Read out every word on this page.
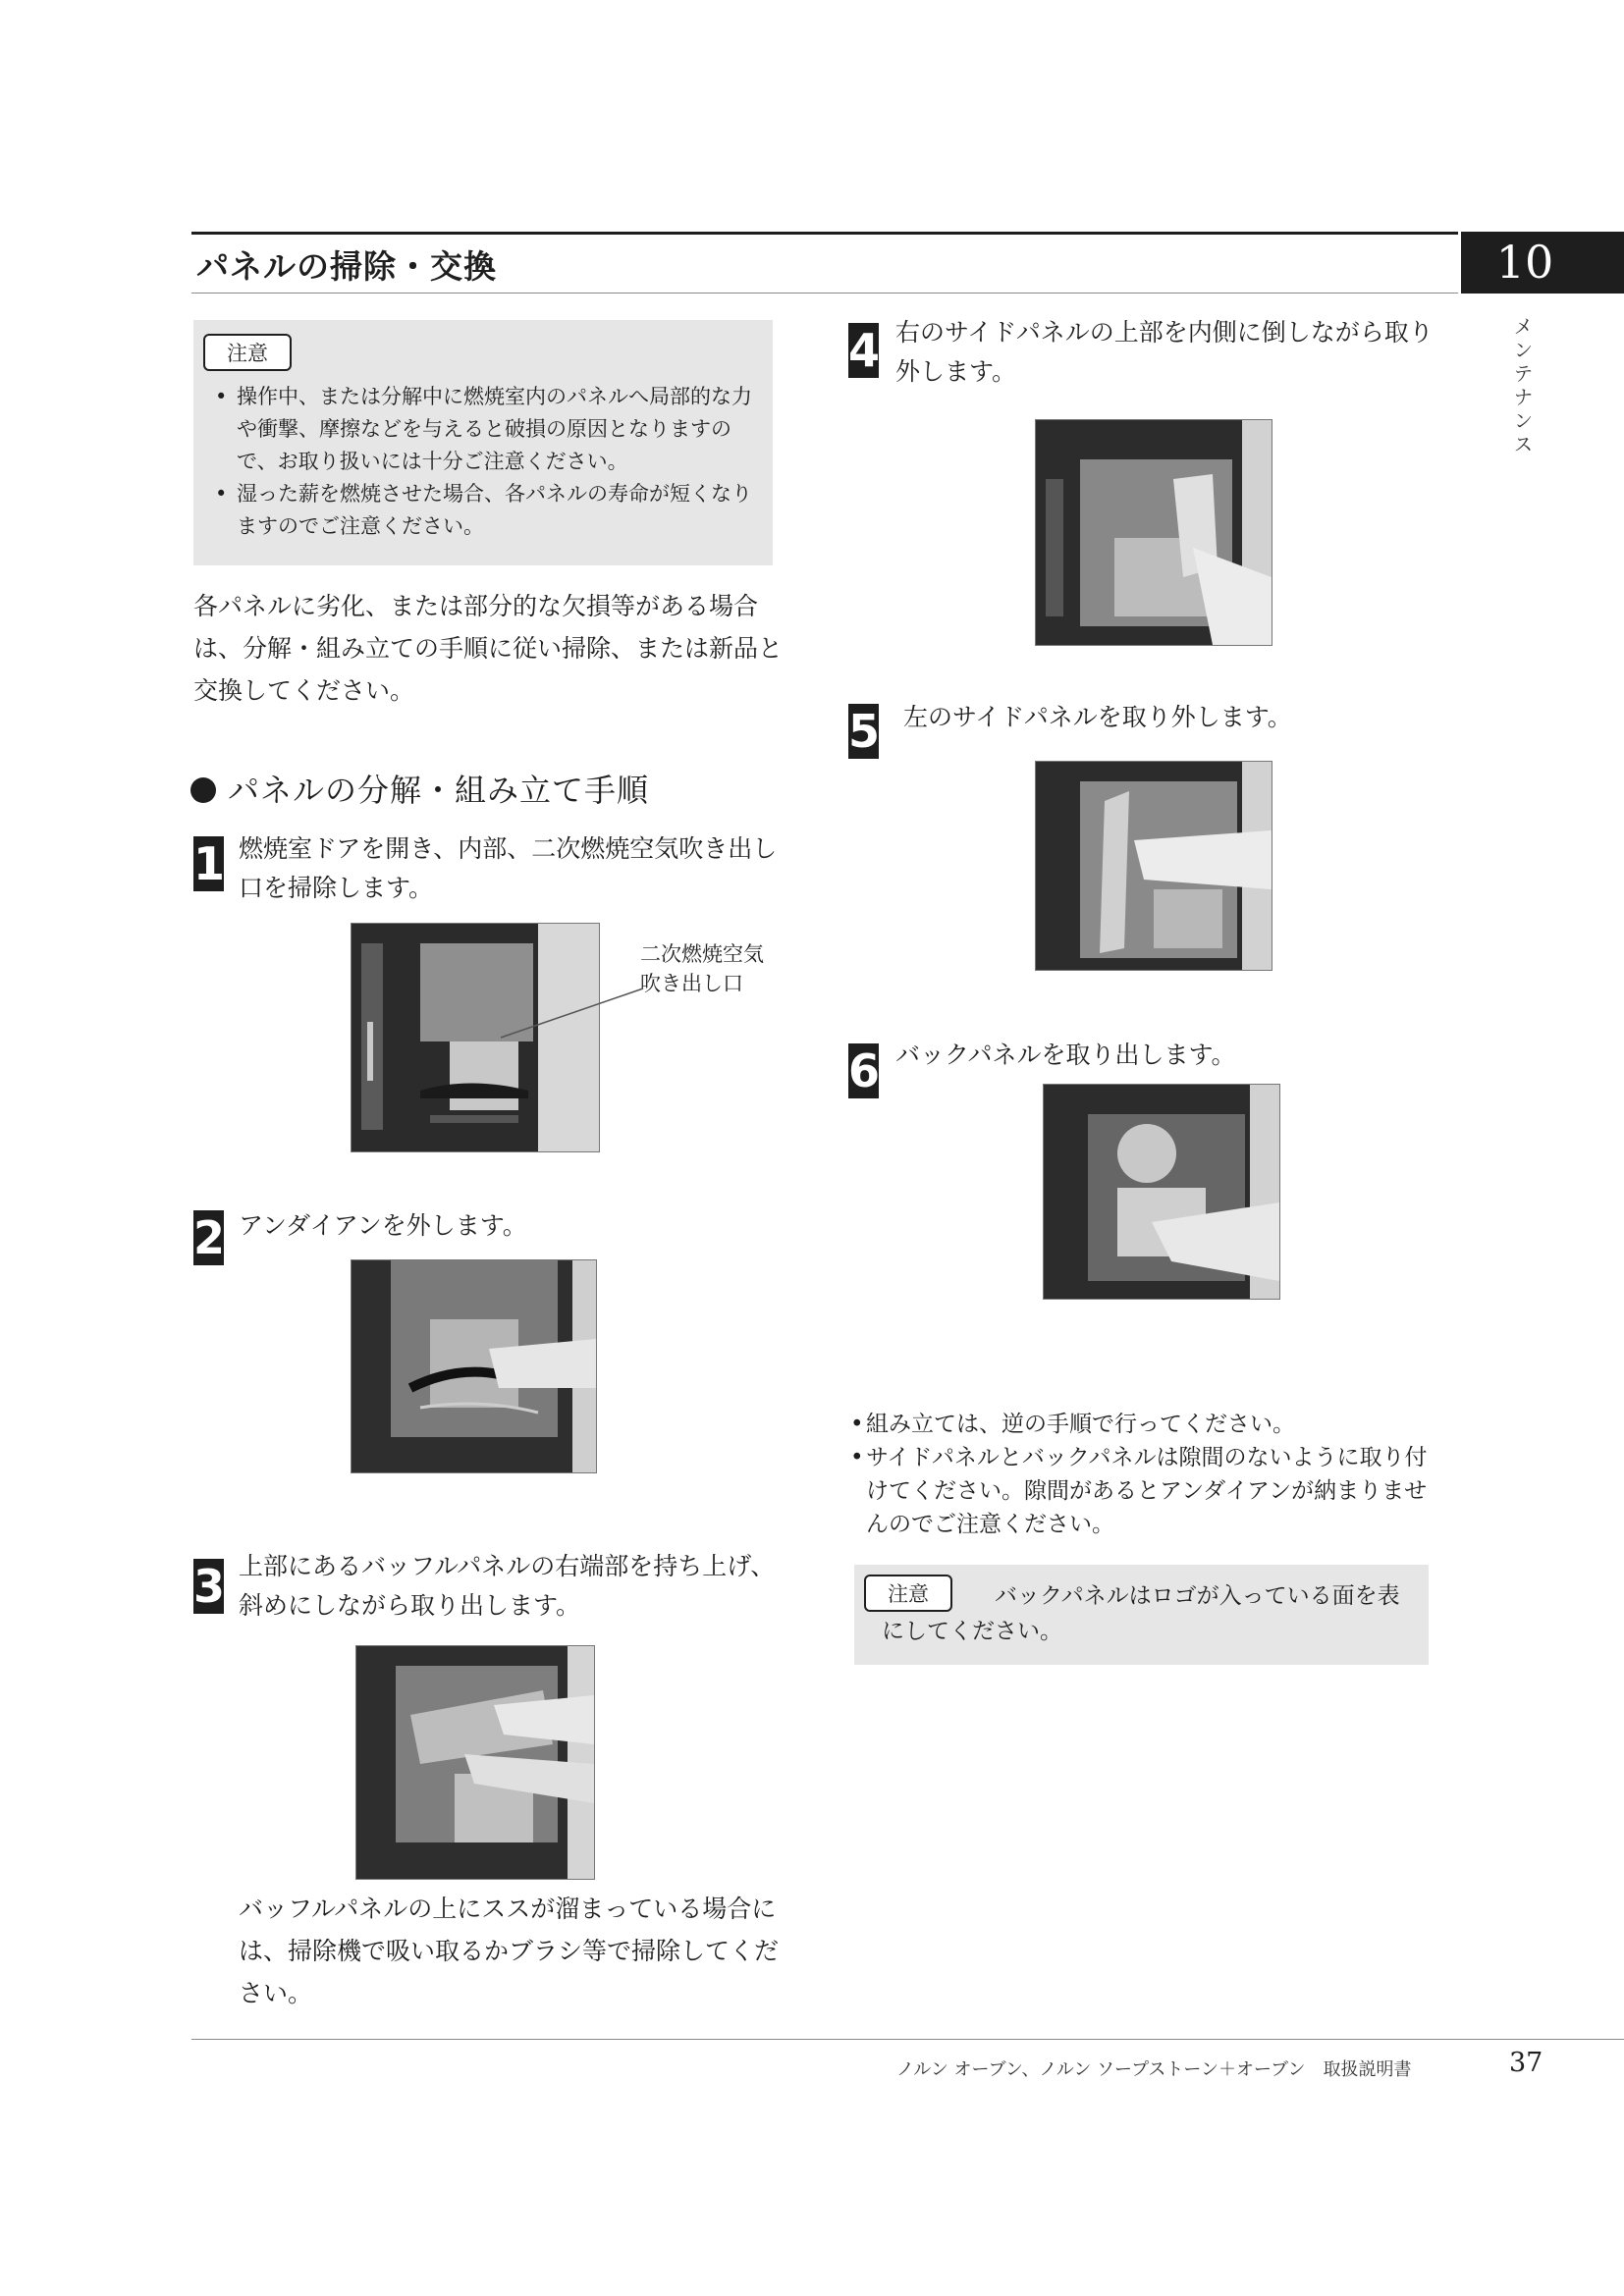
パネルの掃除・交換	10
メンテナンス
注意
• 操作中、または分解中に燃焼室内のパネルへ局部的な力や衝撃、摩擦などを与えると破損の原因となりますので、お取り扱いには十分ご注意ください。
• 湿った薪を燃焼させた場合、各パネルの寿命が短くなりますのでご注意ください。
各パネルに劣化、または部分的な欠損等がある場合は、分解・組み立ての手順に従い掃除、または新品と交換してください。
パネルの分解・組み立て手順
1 燃焼室ドアを開き、内部、二次燃焼空気吹き出し口を掃除します。
二次燃焼空気
吹き出し口
2 アンダイアンを外します。
3 上部にあるバッフルパネルの右端部を持ち上げ、斜めにしながら取り出します。
バッフルパネルの上にススが溜まっている場合には、掃除機で吸い取るかブラシ等で掃除してください。
4 右のサイドパネルの上部を内側に倒しながら取り外します。
5 左のサイドパネルを取り外します。
6 バックパネルを取り出します。
• 組み立ては、逆の手順で行ってください。
• サイドパネルとバックパネルは隙間のないように取り付けてください。隙間があるとアンダイアンが納まりませんのでご注意ください。
バックパネルはロゴが入っている面を表にしてください。
注意
ノルン オーブン、ノルン ソープストーン＋オーブン　取扱説明書	37
